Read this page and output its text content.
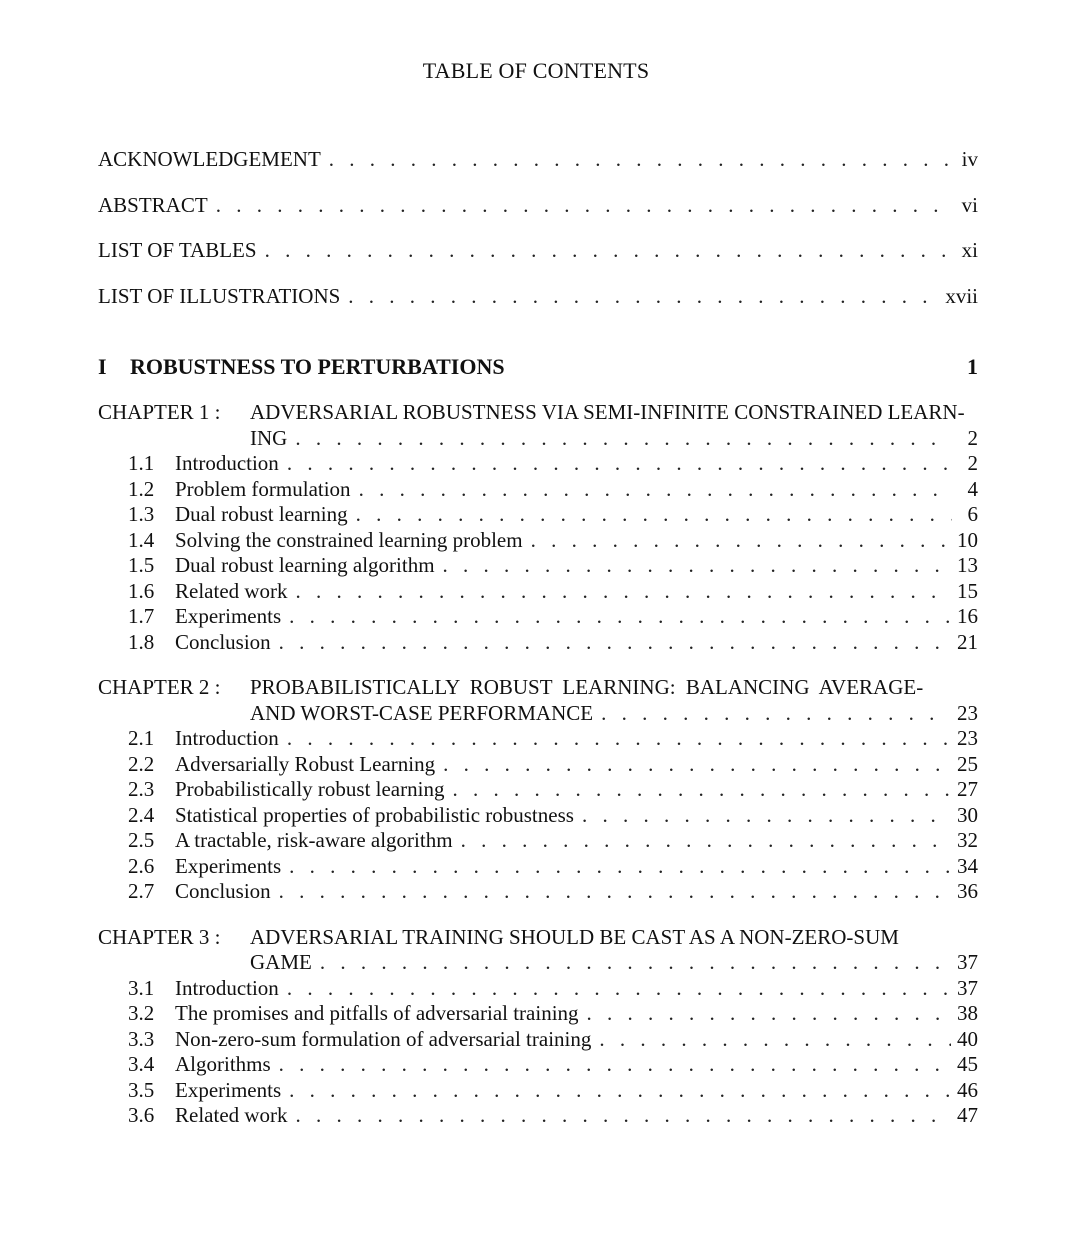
TABLE OF CONTENTS
ACKNOWLEDGEMENT . . .	iv
ABSTRACT . . .	vi
LIST OF TABLES . . .	xi
LIST OF ILLUSTRATIONS . . .	xvii
I	ROBUSTNESS TO PERTURBATIONS	1
CHAPTER 1 : ADVERSARIAL ROBUSTNESS VIA SEMI-INFINITE CONSTRAINED LEARN-
ING . . .	2
1.1 Introduction . . .	2
1.2 Problem formulation . . .	4
1.3 Dual robust learning . . .	6
1.4 Solving the constrained learning problem . . .	10
1.5 Dual robust learning algorithm . . .	13
1.6 Related work . . .	15
1.7 Experiments . . .	16
1.8 Conclusion . . .	21
CHAPTER 2 : PROBABILISTICALLY ROBUST LEARNING: BALANCING AVERAGE-
AND WORST-CASE PERFORMANCE . . .	23
2.1 Introduction . . .	23
2.2 Adversarially Robust Learning . . .	25
2.3 Probabilistically robust learning . . .	27
2.4 Statistical properties of probabilistic robustness . . .	30
2.5 A tractable, risk-aware algorithm . . .	32
2.6 Experiments . . .	34
2.7 Conclusion . . .	36
CHAPTER 3 : ADVERSARIAL TRAINING SHOULD BE CAST AS A NON-ZERO-SUM
GAME . . .	37
3.1 Introduction . . .	37
3.2 The promises and pitfalls of adversarial training . . .	38
3.3 Non-zero-sum formulation of adversarial training . . .	40
3.4 Algorithms . . .	45
3.5 Experiments . . .	46
3.6 Related work . . .	47
